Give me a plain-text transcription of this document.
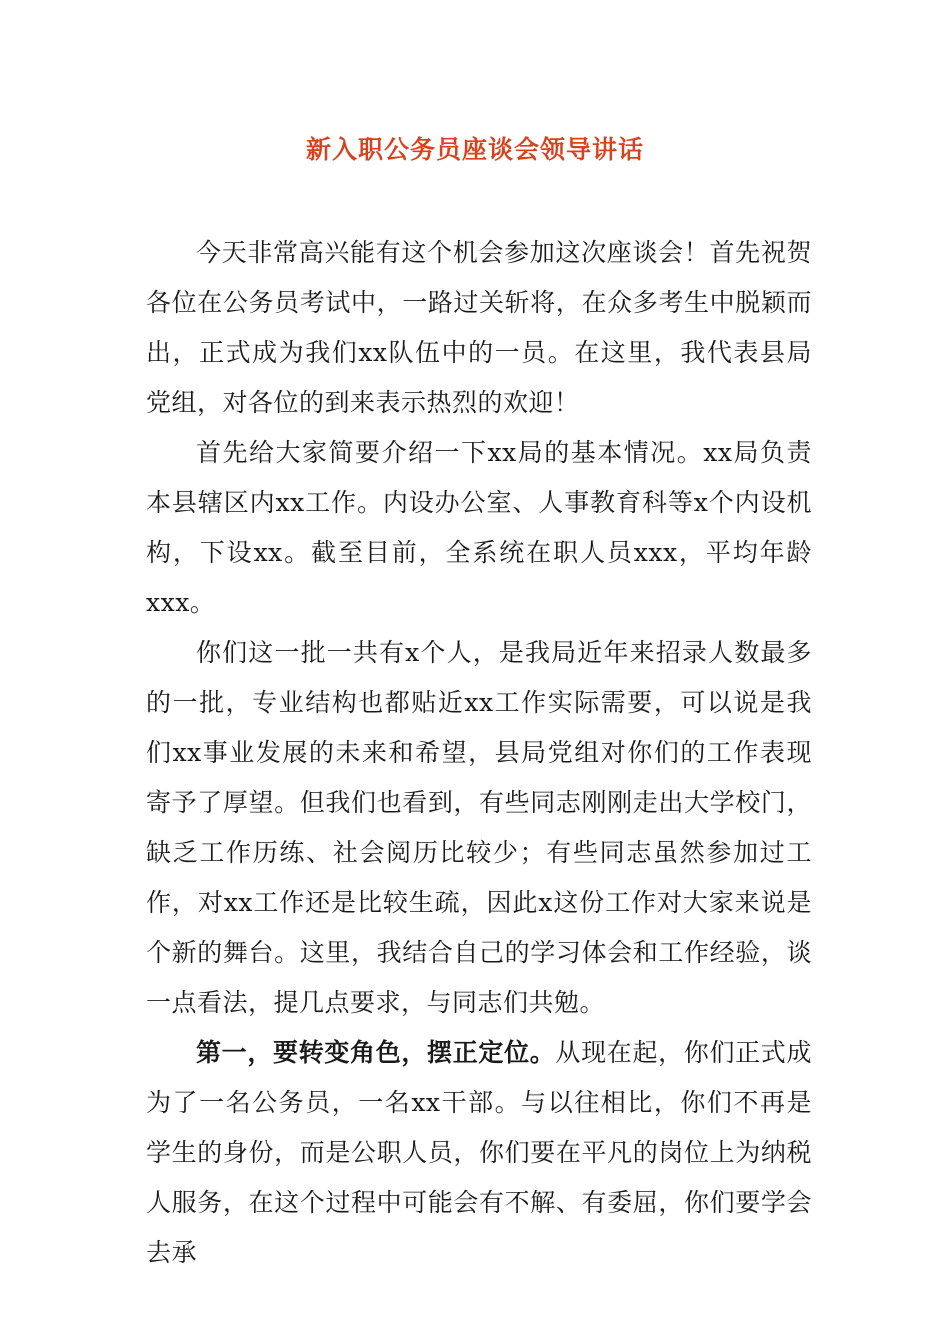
新入职公务员座谈会领导讲话

今天非常高兴能有这个机会参加这次座谈会！首先祝贺各位在公务员考试中，一路过关斩将，在众多考生中脱颖而出，正式成为我们xx队伍中的一员。在这里，我代表县局党组，对各位的到来表示热烈的欢迎！

首先给大家简要介绍一下xx局的基本情况。xx局负责本县辖区内xx工作。内设办公室、人事教育科等x个内设机构，下设xx。截至目前，全系统在职人员xxx，平均年龄xxx。

你们这一批一共有x个人，是我局近年来招录人数最多的一批，专业结构也都贴近xx工作实际需要，可以说是我们xx事业发展的未来和希望，县局党组对你们的工作表现寄予了厚望。但我们也看到，有些同志刚刚走出大学校门，缺乏工作历练、社会阅历比较少；有些同志虽然参加过工作，对xx工作还是比较生疏，因此x这份工作对大家来说是个新的舞台。这里，我结合自己的学习体会和工作经验，谈一点看法，提几点要求，与同志们共勉。

第一，要转变角色，摆正定位。从现在起，你们正式成为了一名公务员，一名xx干部。与以往相比，你们不再是学生的身份，而是公职人员，你们要在平凡的岗位上为纳税人服务，在这个过程中可能会有不解、有委屈，你们要学会去承
